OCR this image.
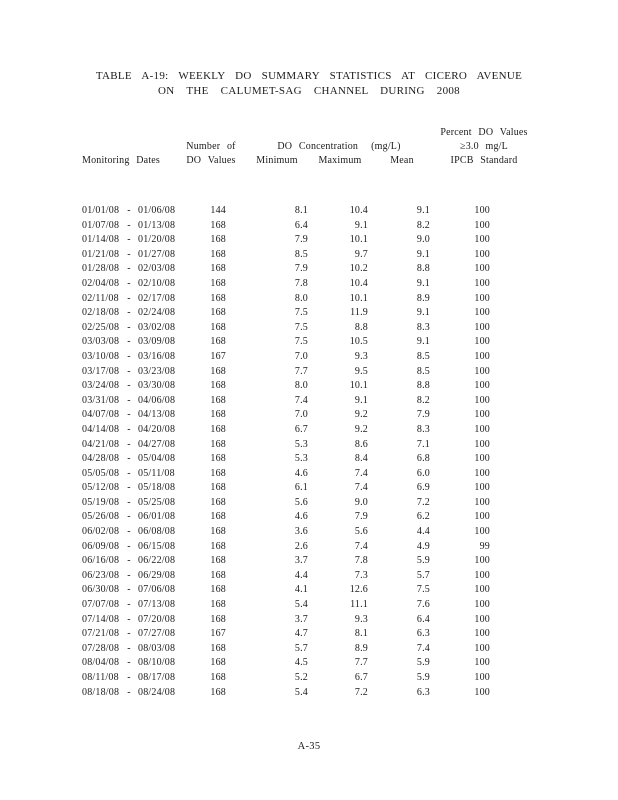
TABLE A-19: WEEKLY DO SUMMARY STATISTICS AT CICERO AVENUE
ON THE CALUMET-SAG CHANNEL DURING 2008
					Percent DO Values
	Number of	DO Concentration (mg/L)			≥3.0 mg/L
Monitoring Dates	DO Values	Minimum	Maximum	Mean	IPCB Standard

01/01/08 - 01/06/08	144	8.1	10.4	9.1	100
01/07/08 - 01/13/08	168	6.4	9.1	8.2	100
01/14/08 - 01/20/08	168	7.9	10.1	9.0	100
01/21/08 - 01/27/08	168	8.5	9.7	9.1	100
01/28/08 - 02/03/08	168	7.9	10.2	8.8	100
02/04/08 - 02/10/08	168	7.8	10.4	9.1	100
02/11/08 - 02/17/08	168	8.0	10.1	8.9	100
02/18/08 - 02/24/08	168	7.5	11.9	9.1	100
02/25/08 - 03/02/08	168	7.5	8.8	8.3	100
03/03/08 - 03/09/08	168	7.5	10.5	9.1	100
03/10/08 - 03/16/08	167	7.0	9.3	8.5	100
03/17/08 - 03/23/08	168	7.7	9.5	8.5	100
03/24/08 - 03/30/08	168	8.0	10.1	8.8	100
03/31/08 - 04/06/08	168	7.4	9.1	8.2	100
04/07/08 - 04/13/08	168	7.0	9.2	7.9	100
04/14/08 - 04/20/08	168	6.7	9.2	8.3	100
04/21/08 - 04/27/08	168	5.3	8.6	7.1	100
04/28/08 - 05/04/08	168	5.3	8.4	6.8	100
05/05/08 - 05/11/08	168	4.6	7.4	6.0	100
05/12/08 - 05/18/08	168	6.1	7.4	6.9	100
05/19/08 - 05/25/08	168	5.6	9.0	7.2	100
05/26/08 - 06/01/08	168	4.6	7.9	6.2	100
06/02/08 - 06/08/08	168	3.6	5.6	4.4	100
06/09/08 - 06/15/08	168	2.6	7.4	4.9	99
06/16/08 - 06/22/08	168	3.7	7.8	5.9	100
06/23/08 - 06/29/08	168	4.4	7.3	5.7	100
06/30/08 - 07/06/08	168	4.1	12.6	7.5	100
07/07/08 - 07/13/08	168	5.4	11.1	7.6	100
07/14/08 - 07/20/08	168	3.7	9.3	6.4	100
07/21/08 - 07/27/08	167	4.7	8.1	6.3	100
07/28/08 - 08/03/08	168	5.7	8.9	7.4	100
08/04/08 - 08/10/08	168	4.5	7.7	5.9	100
08/11/08 - 08/17/08	168	5.2	6.7	5.9	100
08/18/08 - 08/24/08	168	5.4	7.2	6.3	100
A-35
